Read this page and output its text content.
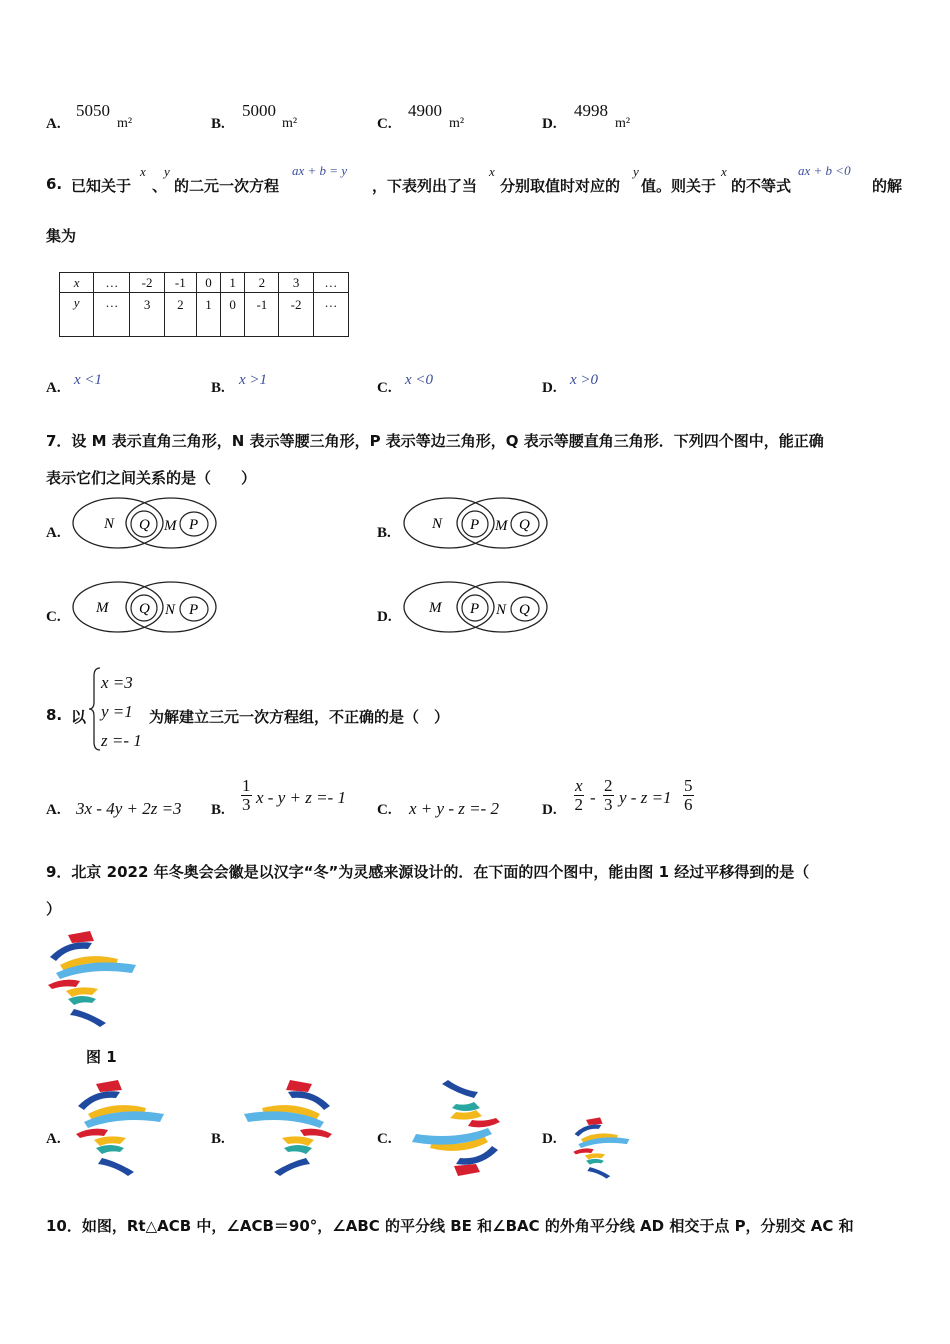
A.
5050
m²	B.
5000
m²	C.
4900
m²	D.
4998
m²
6. 已知关于
x
、
y
的二元一次方程
ax + b = y
，下表列出了当
x
分别取值时对应的
y
值。则关于
x
的不等式
ax + b <0
的解
集为
x	…	-2	-1	0	1	2	3	…
y	…	3	2	1	0	-1	-2	…
A. x <1	B. x >1	C. x <0	D. x >0
7．设 M 表示直角三角形，N 表示等腰三角形，P 表示等边三角形，Q 表示等腰直角三角形．下列四个图中，能正确
表示它们之间关系的是（　　）
A.
N Q M P	B.
N P M Q
C.
M Q N P	D.
M P N Q
8. 以
x =3
y =1
z =- 1
为解建立三元一次方程组，不正确的是（　）
A. 3x - 4y + 2z =3 B. $\frac{1}{3}$ x - y + z =- 1
C. x + y - z =- 2	D. $\frac{x}{2} - \frac{2}{3}$ $y - z =1 \frac{5}{6}$
9．北京 2022 年冬奥会会徽是以汉字“冬”为灵感来源设计的．在下面的四个图中，能由图 1 经过平移得到的是（
）
图 1
A.	B.	C.	D.
10．如图，Rt△ACB 中，∠ACB＝90°，∠ABC 的平分线 BE 和∠BAC 的外角平分线 AD 相交于点 P，分别交 AC 和
